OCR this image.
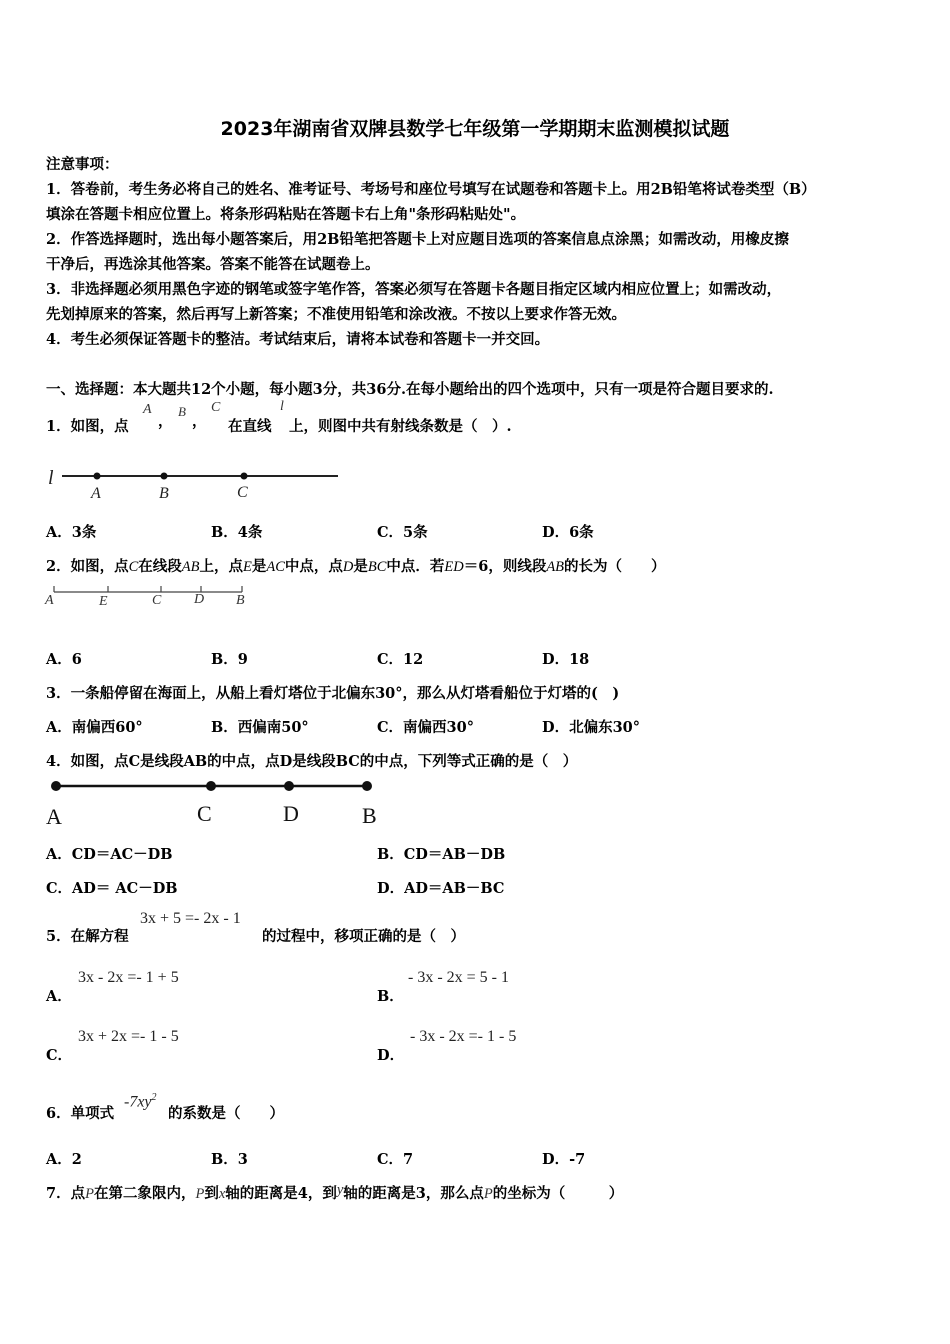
2023年湖南省双牌县数学七年级第一学期期末监测模拟试题
注意事项：
1．答卷前，考生务必将自己的姓名、准考证号、考场号和座位号填写在试题卷和答题卡上。用2B铅笔将试卷类型（B）
填涂在答题卡相应位置上。将条形码粘贴在答题卡右上角"条形码粘贴处"。
2．作答选择题时，选出每小题答案后，用2B铅笔把答题卡上对应题目选项的答案信息点涂黑；如需改动，用橡皮擦
干净后，再选涂其他答案。答案不能答在试题卷上。
3．非选择题必须用黑色字迹的钢笔或签字笔作答，答案必须写在答题卡各题目指定区域内相应位置上；如需改动，
先划掉原来的答案，然后再写上新答案；不准使用铅笔和涂改液。不按以上要求作答无效。
4．考生必须保证答题卡的整洁。考试结束后，请将本试卷和答题卡一并交回。
一、选择题：本大题共12个小题，每小题3分，共36分.在每小题给出的四个选项中，只有一项是符合题目要求的.
1．如图，点
A
，
B
，
C
在直线
l
上，则图中共有射线条数是（　）.
l
A	B	C
A．3条	B．4条	C．5条	D．6条
2．如图，点C在线段AB上，点E是AC中点，点D是BC中点．若ED＝6，则线段AB的长为（　　）
A	E	C D B
A．6	B．9	C．12	D．18
3．一条船停留在海面上，从船上看灯塔位于北偏东30°，那么从灯塔看船位于灯塔的(　)
A．南偏西60°	B．西偏南50°	C．南偏西30°	D．北偏东30°
4．如图，点C是线段AB的中点，点D是线段BC的中点，下列等式正确的是（　）
A	C	D	B
A．CD＝AC－DB	B．CD＝AB－DB
C．AD＝ AC－DB	D．AD＝AB－BC
5．在解方程
3x + 5 =- 2x - 1
的过程中，移项正确的是（　）
A．
3x - 2x =- 1 + 5
B．
- 3x - 2x = 5 - 1
C．
3x + 2x =- 1 - 5
D．
- 3x - 2x =- 1 - 5
6．单项式
$-7xy^2$
的系数是（　　）
A．2	B．3	C．7	D．-7
7．点P在第二象限内，P到x轴的距离是4，到y轴的距离是3，那么点P的坐标为（　　　）
